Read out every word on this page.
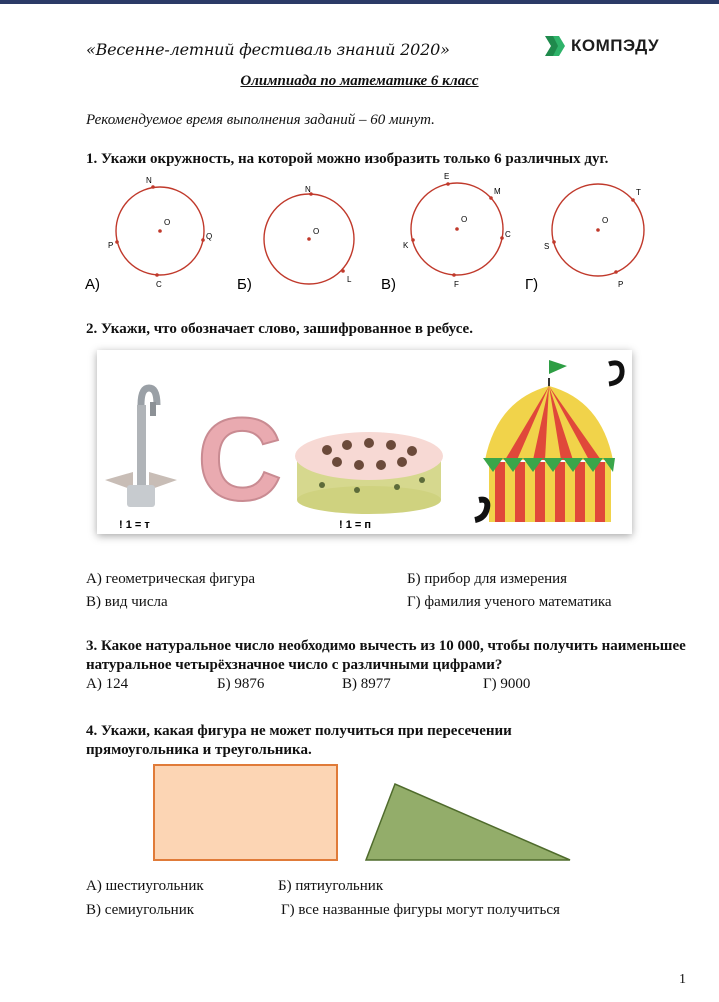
«Весенне-летний фестиваль знаний 2020»	КОМПЭДУ
Олимпиада по математике 6 класс
Рекомендуемое время выполнения заданий – 60 минут.
1. Укажи окружность, на которой можно изобразить только 6 различных дуг.
O
N
P
Q
C
А)
O
N
L
Б)
O
E
M
K
C
F
В)
O
T
S
P
Г)
2. Укажи, что обозначает слово, зашифрованное в ребусе.
С
! 1 = т	! 1 = п
А) геометрическая фигура	Б) прибор для измерения
В) вид числа	Г) фамилия ученого математика
3. Какое натуральное число необходимо вычесть из 10 000, чтобы получить наименьшее натуральное четырёхзначное число с различными цифрами?
А) 124	Б) 9876	В) 8977	Г) 9000
4. Укажи, какая фигура не может получиться при пересечении прямоугольника и треугольника.
А) шестиугольник	Б) пятиугольник
В) семиугольник	Г) все названные фигуры могут получиться
1
